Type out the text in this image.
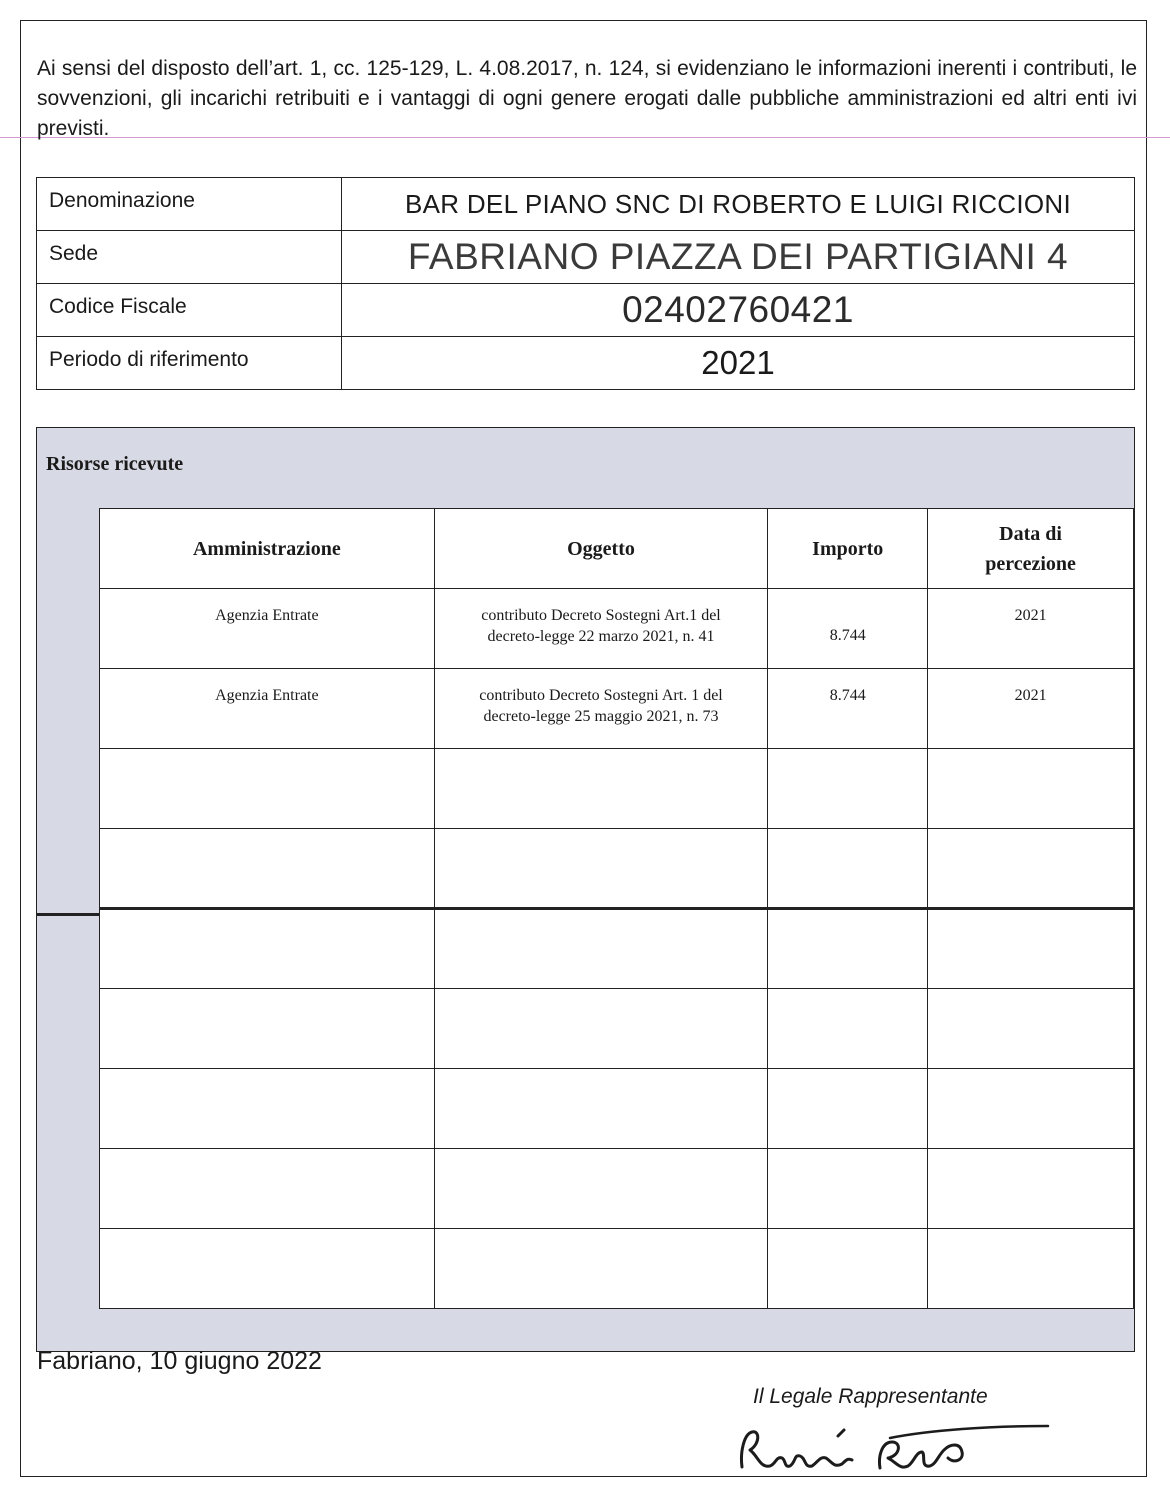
Ai sensi del disposto dell’art. 1, cc. 125-129, L. 4.08.2017, n. 124, si evidenziano le informazioni inerenti i contributi, le sovvenzioni, gli incarichi retribuiti e i vantaggi di ogni genere erogati dalle pubbliche amministrazioni ed altri enti ivi previsti.
Denominazione	BAR DEL PIANO SNC DI ROBERTO E LUIGI RICCIONI
Sede	FABRIANO PIAZZA DEI PARTIGIANI 4
Codice Fiscale	02402760421
Periodo di riferimento	2021
Risorse ricevute
Amministrazione	Oggetto	Importo	Data di
percezione
Agenzia Entrate	contributo Decreto Sostegni Art.1 del
decreto-legge 22 marzo 2021, n. 41	8.744	2021
Agenzia Entrate	contributo Decreto Sostegni Art. 1 del
decreto-legge 25 maggio 2021, n. 73	8.744	2021

Fabriano, 10 giugno 2022
Il Legale Rappresentante
